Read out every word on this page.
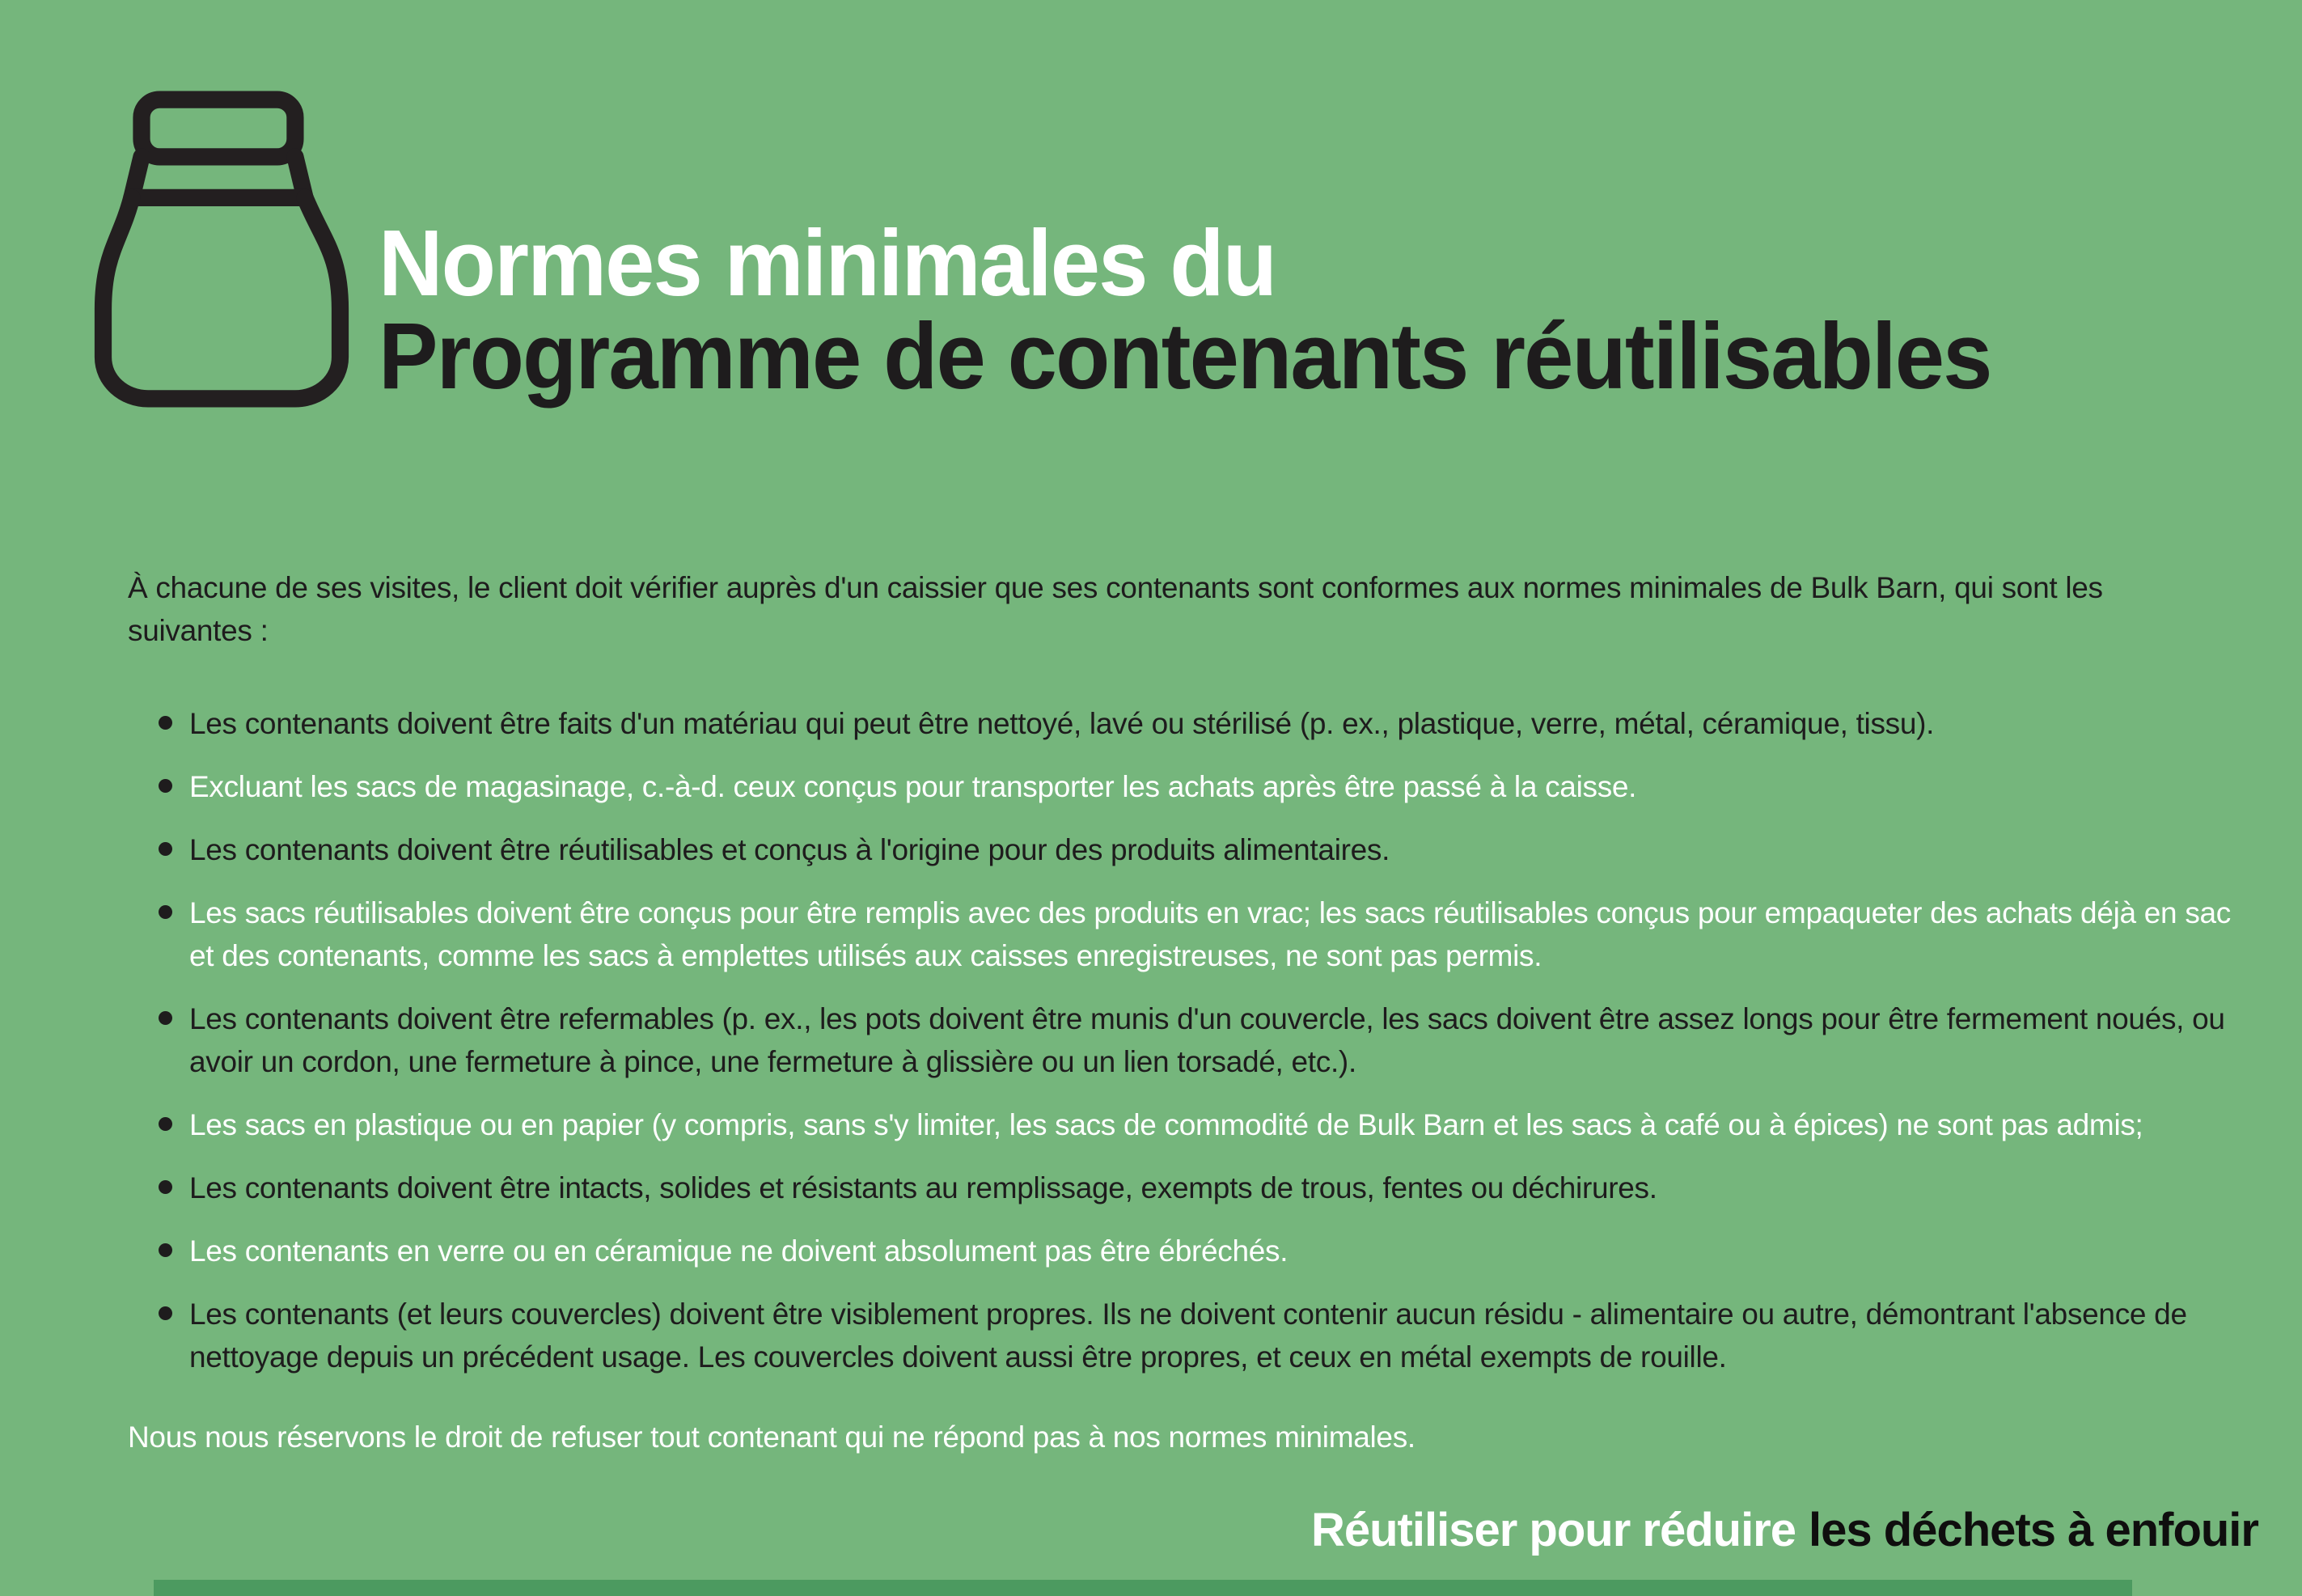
Normes minimales du
Programme de contenants réutilisables

À chacune de ses visites, le client doit vérifier auprès d'un caissier que ses contenants sont conformes aux normes minimales de Bulk Barn, qui sont les suivantes :

Les contenants doivent être faits d'un matériau qui peut être nettoyé, lavé ou stérilisé (p. ex., plastique, verre, métal, céramique, tissu).
Excluant les sacs de magasinage, c.-à-d. ceux conçus pour transporter les achats après être passé à la caisse.
Les contenants doivent être réutilisables et conçus à l'origine pour des produits alimentaires.
Les sacs réutilisables doivent être conçus pour être remplis avec des produits en vrac; les sacs réutilisables conçus pour empaqueter des achats déjà en sac et des contenants, comme les sacs à emplettes utilisés aux caisses enregistreuses, ne sont pas permis.
Les contenants doivent être refermables (p. ex., les pots doivent être munis d'un couvercle, les sacs doivent être assez longs pour être fermement noués, ou avoir un cordon, une fermeture à pince, une fermeture à glissière ou un lien torsadé, etc.).
Les sacs en plastique ou en papier (y compris, sans s'y limiter, les sacs de commodité de Bulk Barn et les sacs à café ou à épices) ne sont pas admis;
Les contenants doivent être intacts, solides et résistants au remplissage, exempts de trous, fentes ou déchirures.
Les contenants en verre ou en céramique ne doivent absolument pas être ébréchés.
Les contenants (et leurs couvercles) doivent être visiblement propres. Ils ne doivent contenir aucun résidu - alimentaire ou autre, démontrant l'absence de nettoyage depuis un précédent usage. Les couvercles doivent aussi être propres, et ceux en métal exempts de rouille.

Nous nous réservons le droit de refuser tout contenant qui ne répond pas à nos normes minimales.

Réutiliser pour réduire les déchets à enfouir
